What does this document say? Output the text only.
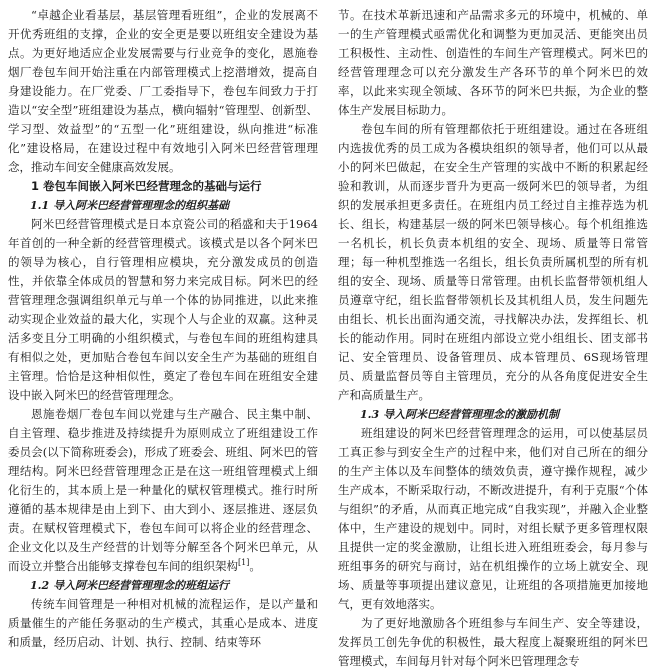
“卓越企业看基层，基层管理看班组”，企业的发展离不开优秀班组的支撑，企业的安全更是要以班组安全建设为基点。为更好地适应企业发展需要与行业竞争的变化，恩施卷烟厂卷包车间开始注重在内部管理模式上挖潜增效，提高自身建设能力。在厂党委、厂工委指导下，卷包车间致力于打造以“安全型”班组建设为基点，横向辐射“管理型、创新型、学习型、效益型”的“五型一化”班组建设，纵向推进“标准化”建设格局，在建设过程中有效地引入阿米巴经营管理理念，推动车间安全健康高效发展。

1 卷包车间嵌入阿米巴经营理念的基础与运行
1.1 导入阿米巴经营管理理念的组织基础

阿米巴经营管理模式是日本京瓷公司的稻盛和夫于1964年首创的一种全新的经营管理模式。该模式是以各个阿米巴的领导为核心，自行管理相应模块，充分激发成员的创造性，并依靠全体成员的智慧和努力来完成目标。阿米巴的经营管理理念强调组织单元与单一个体的协同推进，以此来推动实现企业效益的最大化，实现个人与企业的双赢。这种灵活多变且分工明确的小组织模式，与卷包车间的班组构建具有相似之处，更加贴合卷包车间以安全生产为基础的班组自主管理。恰恰是这种相似性，奠定了卷包车间在班组安全建设中嵌入阿米巴的经营管理理念。

恩施卷烟厂卷包车间以党建与生产融合、民主集中制、自主管理、稳步推进及持续提升为原则成立了班组建设工作委员会(以下简称班委会)，形成了班委会、班组、阿米巴的管理结构。阿米巴经营管理理念正是在这一班组管理模式上细化衍生的，其本质上是一种量化的赋权管理模式。推行时所遵循的基本规律是由上到下、由大到小、逐层推进、逐层负责。在赋权管理模式下，卷包车间可以将企业的经营理念、企业文化以及生产经营的计划等分解至各个阿米巴单元，从而设立并整合出能够支撑卷包车间的组织架构[1]。

1.2 导入阿米巴经营管理理念的班组运行

传统车间管理是一种相对机械的流程运作，是以产量和质量催生的产能任务驱动的生产模式，其重心是成本、进度和质量，经历启动、计划、执行、控制、结束等环

节。在技术革新迅速和产品需求多元的环境中，机械的、单一的生产管理模式亟需优化和调整为更加灵活、更能突出员工积极性、主动性、创造性的车间生产管理模式。阿米巴的经营管理理念可以充分激发生产各环节的单个阿米巴的效率，以此来实现全领域、各环节的阿米巴共振，为企业的整体生产发展目标助力。

卷包车间的所有管理都依托于班组建设。通过在各班组内选拔优秀的员工成为各模块组织的领导者，他们可以从最小的阿米巴做起，在安全生产管理的实战中不断的积累起经验和教训，从而逐步晋升为更高一级阿米巴的领导者，为组织的发展承担更多责任。在班组内员工经过自主推荐选为机长、组长，构建基层一级的阿米巴领导核心。每个机组推选一名机长，机长负责本机组的安全、现场、质量等日常管理；每一种机型推选一名组长，组长负责所属机型的所有机组的安全、现场、质量等日常管理。由机长监督带领机组人员遵章守纪，组长监督带领机长及其机组人员，发生问题先由组长、机长出面沟通交流，寻找解决办法，发挥组长、机长的能动作用。同时在班组内部设立党小组组长、团支部书记、安全管理员、设备管理员、成本管理员、6S现场管理员、质量监督员等自主管理员，充分的从各角度促进安全生产和高质量生产。

1.3 导入阿米巴经营管理理念的激励机制

班组建设的阿米巴经营管理理念的运用，可以使基层员工真正参与到安全生产的过程中来，他们对自己所在的细分的生产主体以及车间整体的绩效负责，遵守操作规程，减少生产成本，不断采取行动，不断改进提升，有利于克服“个体与组织”的矛盾，从而真正地完成“自我实现”，并融入企业整体中，生产建设的规划中。同时，对组长赋予更多管理权限且提供一定的奖金激励，让组长进入班组班委会，每月参与班组事务的研究与商讨，站在机组操作的立场上就安全、现场、质量等事项提出建议意见，让班组的各项措施更加接地气，更有效地落实。

为了更好地激励各个班组参与车间生产、安全等建设，发挥员工创先争优的积极性，最大程度上凝聚班组的阿米巴管理模式，车间每月针对每个阿米巴管理理念专
